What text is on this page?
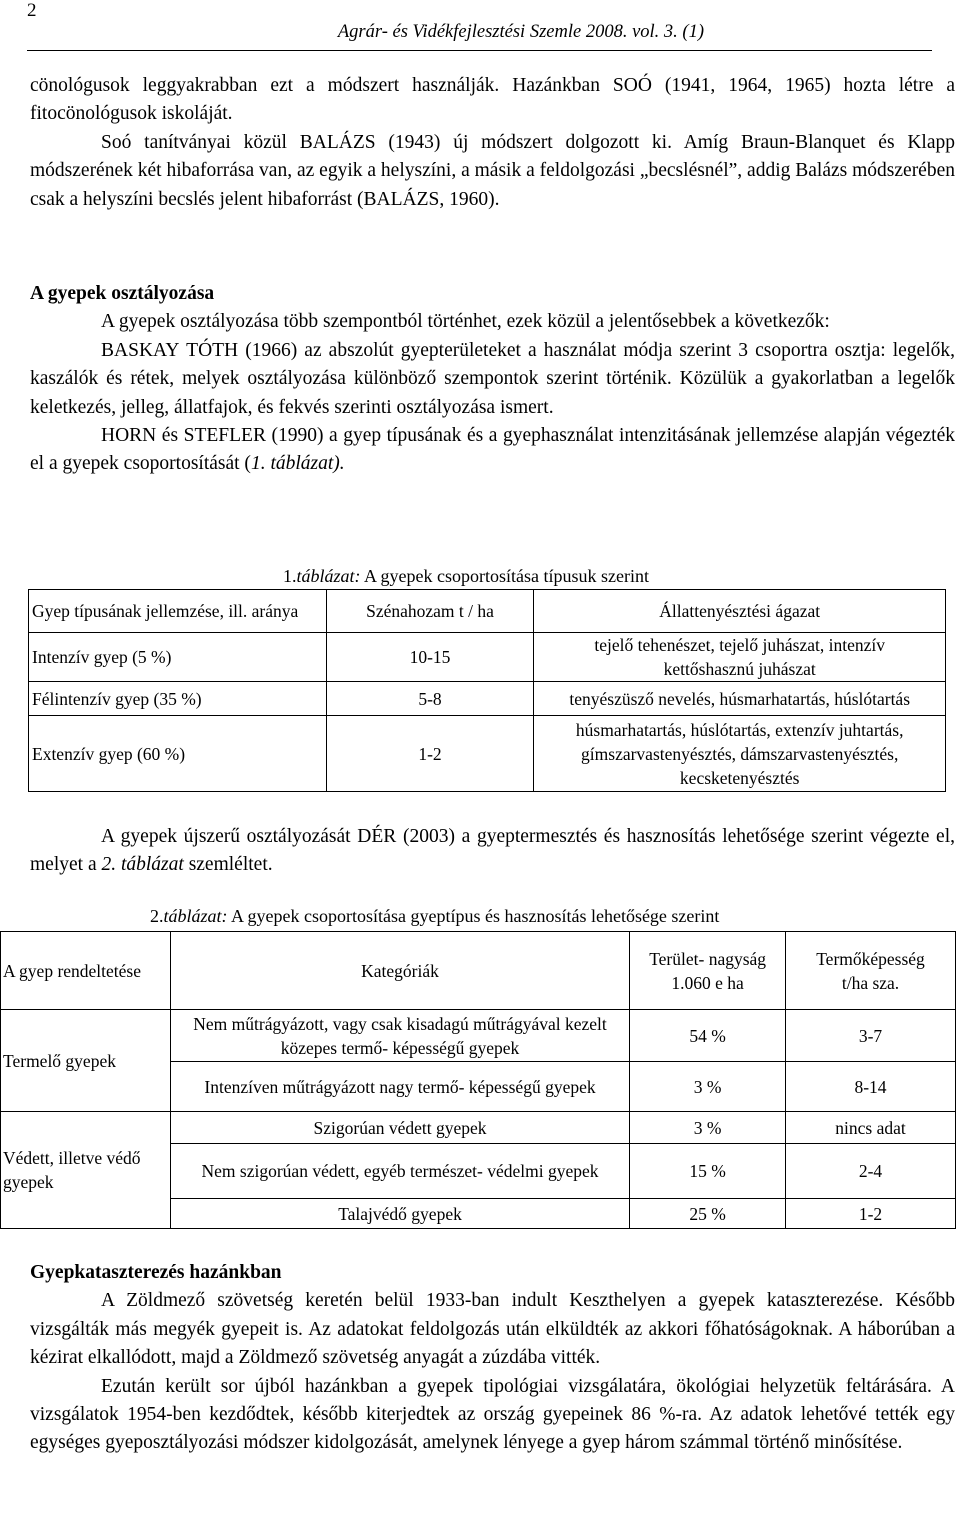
2
Agrár- és Vidékfejlesztési Szemle 2008. vol. 3. (1)

cönológusok leggyakrabban ezt a módszert használják. Hazánkban SOÓ (1941, 1964, 1965) hozta létre a fitocönológusok iskoláját.

Soó tanítványai közül BALÁZS (1943) új módszert dolgozott ki. Amíg Braun-Blanquet és Klapp módszerének két hibaforrása van, az egyik a helyszíni, a másik a feldolgozási „becslésnél”, addig Balázs módszerében csak a helyszíni becslés jelent hibaforrást (BALÁZS, 1960).

A gyepek osztályozása

A gyepek osztályozása több szempontból történhet, ezek közül a jelentősebbek a következők:

BASKAY TÓTH (1966) az abszolút gyepterületeket a használat módja szerint 3 csoportra osztja: legelők, kaszálók és rétek, melyek osztályozása különböző szempontok szerint történik. Közülük a gyakorlatban a legelők keletkezés, jelleg, állatfajok, és fekvés szerinti osztályozása ismert.

HORN és STEFLER (1990) a gyep típusának és a gyephasználat intenzitásának jellemzése alapján végezték el a gyepek csoportosítását (1. táblázat).

1.táblázat: A gyepek csoportosítása típusuk szerint
Gyep típusának jellemzése, ill. aránya	Szénahozam t / ha	Állattenyésztési ágazat
Intenzív gyep (5 %)	10-15	tejelő tehenészet, tejelő juhászat, intenzív kettőshasznú juhászat
Félintenzív gyep (35 %)	5-8	tenyészüsző nevelés, húsmarhatartás, húslótartás
Extenzív gyep (60 %)	1-2	húsmarhatartás, húslótartás, extenzív juhtartás, gímszarvastenyésztés, dámszarvastenyésztés, kecsketenyésztés

A gyepek újszerű osztályozását DÉR (2003) a gyeptermesztés és hasznosítás lehetősége szerint végezte el, melyet a 2. táblázat szemléltet.

2.táblázat: A gyepek csoportosítása gyeptípus és hasznosítás lehetősége szerint
A gyep rendeltetése	Kategóriák	Terület- nagyság 1.060 e ha	Termőképesség t/ha sza.
Termelő gyepek	Nem műtrágyázott, vagy csak kisadagú műtrágyával kezelt közepes termő- képességű gyepek	54 %	3-7
	Intenzíven műtrágyázott nagy termő- képességű gyepek	3 %	8-14
Védett, illetve védő gyepek	Szigorúan védett gyepek	3 %	nincs adat
	Nem szigorúan védett, egyéb természet- védelmi gyepek	15 %	2-4
	Talajvédő gyepek	25 %	1-2

Gyepkataszterezés hazánkban

A Zöldmező szövetség keretén belül 1933-ban indult Keszthelyen a gyepek kataszterezése. Később vizsgálták más megyék gyepeit is. Az adatokat feldolgozás után elküldték az akkori főhatóságoknak. A háborúban a kézirat elkallódott, majd a Zöldmező szövetség anyagát a zúzdába vitték.

Ezután került sor újból hazánkban a gyepek tipológiai vizsgálatára, ökológiai helyzetük feltárására. A vizsgálatok 1954-ben kezdődtek, később kiterjedtek az ország gyepeinek 86 %-ra. Az adatok lehetővé tették egy egységes gyeposztályozási módszer kidolgozását, amelynek lényege a gyep három számmal történő minősítése.
